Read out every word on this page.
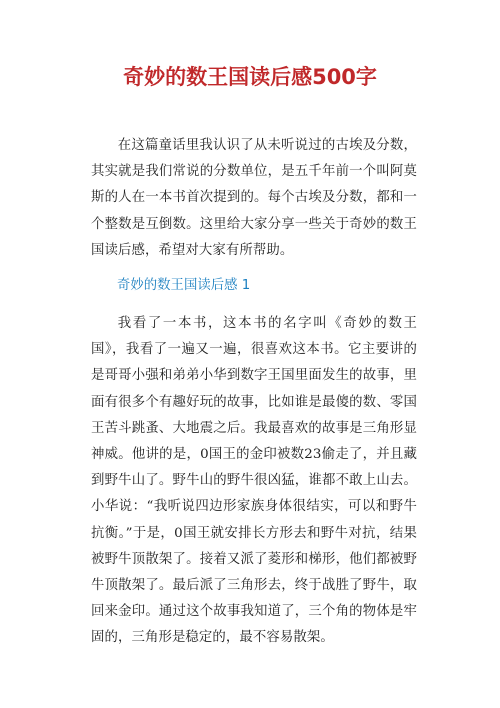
奇妙的数王国读后感500字

在这篇童话里我认识了从未听说过的古埃及分数，其实就是我们常说的分数单位，是五千年前一个叫阿莫斯的人在一本书首次提到的。每个古埃及分数，都和一个整数是互倒数。这里给大家分享一些关于奇妙的数王国读后感，希望对大家有所帮助。

奇妙的数王国读后感 1

我看了一本书，这本书的名字叫《奇妙的数王国》，我看了一遍又一遍，很喜欢这本书。它主要讲的是哥哥小强和弟弟小华到数字王国里面发生的故事，里面有很多个有趣好玩的故事，比如谁是最傻的数、零国王苦斗跳蚤、大地震之后。我最喜欢的故事是三角形显神威。他讲的是，0国王的金印被数23偷走了，并且藏到野牛山了。野牛山的野牛很凶猛，谁都不敢上山去。小华说：“我听说四边形家族身体很结实，可以和野牛抗衡。”于是，0国王就安排长方形去和野牛对抗，结果被野牛顶散架了。接着又派了菱形和梯形，他们都被野牛顶散架了。最后派了三角形去，终于战胜了野牛，取回来金印。通过这个故事我知道了，三个角的物体是牢固的，三角形是稳定的，最不容易散架。
